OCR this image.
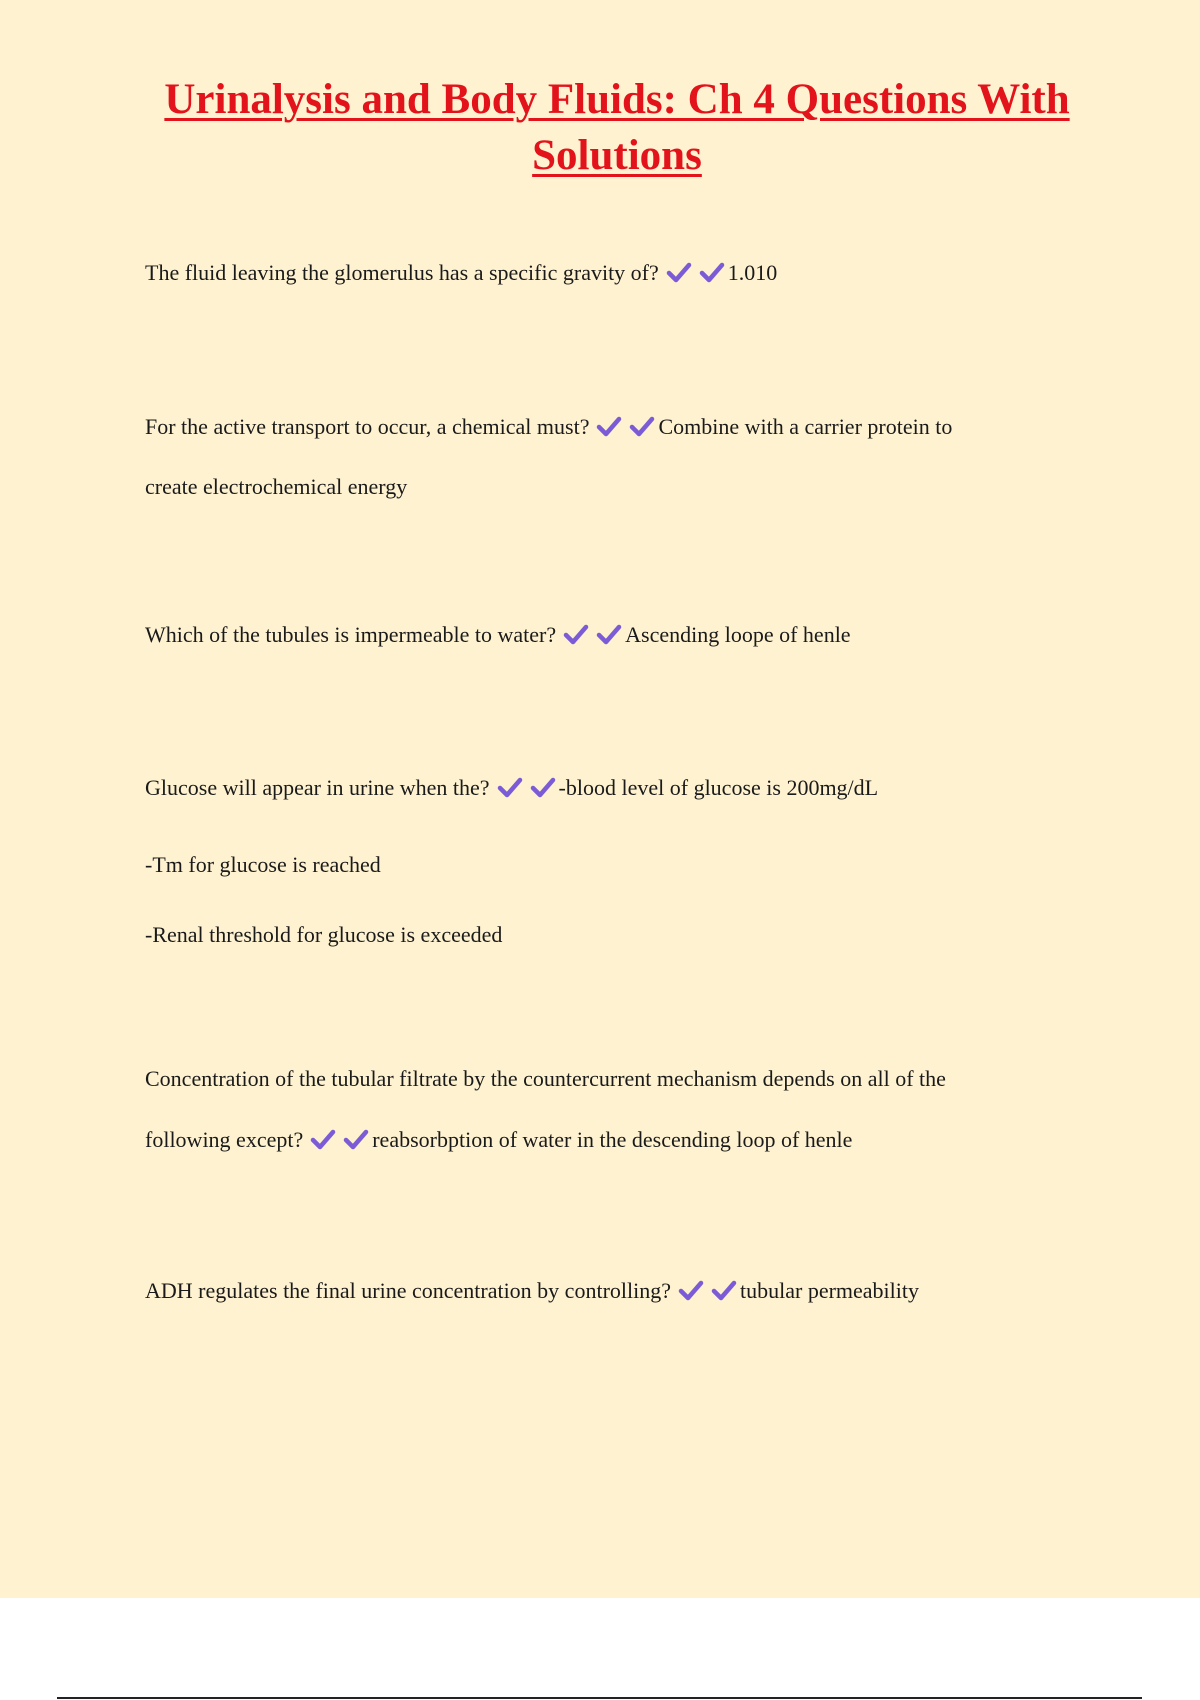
Urinalysis and Body Fluids: Ch 4 Questions With Solutions

The fluid leaving the glomerulus has a specific gravity of?	1.010

For the active transport to occur, a chemical must?	Combine with a carrier protein to

create electrochemical energy

Which of the tubules is impermeable to water?	Ascending loope of henle

Glucose will appear in urine when the?	-blood level of glucose is 200mg/dL

-Tm for glucose is reached

-Renal threshold for glucose is exceeded

Concentration of the tubular filtrate by the countercurrent mechanism depends on all of the

following except?	reabsorbption of water in the descending loop of henle

ADH regulates the final urine concentration by controlling?	tubular permeability
